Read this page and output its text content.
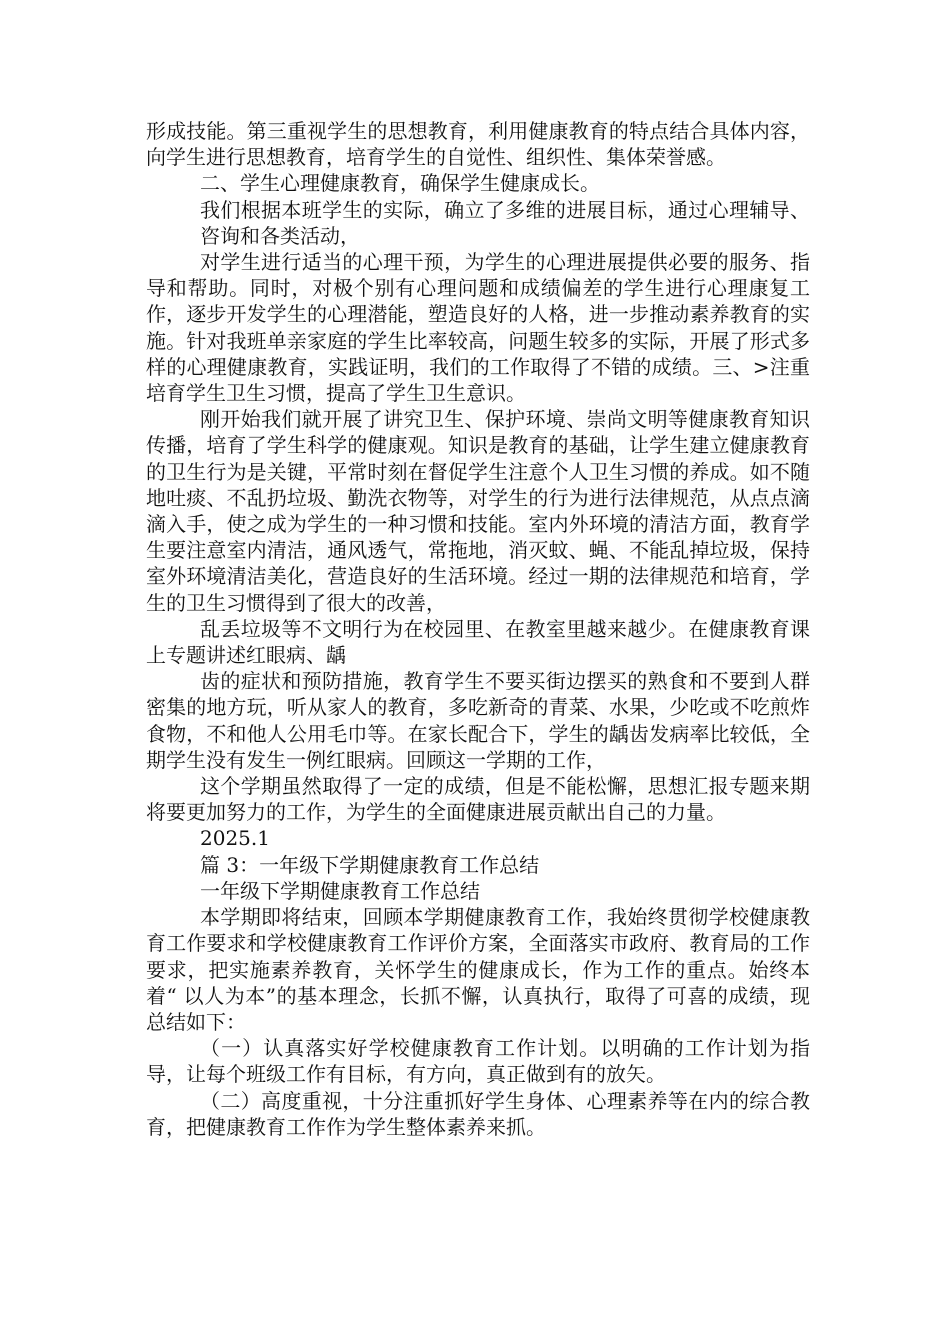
形成技能。第三重视学生的思想教育，利用健康教育的特点结合具体内容，向学生进行思想教育，培育学生的自觉性、组织性、集体荣誉感。

二、学生心理健康教育，确保学生健康成长。

我们根据本班学生的实际，确立了多维的进展目标，通过心理辅导、咨询和各类活动，

对学生进行适当的心理干预，为学生的心理进展提供必要的服务、指导和帮助。同时，对极个别有心理问题和成绩偏差的学生进行心理康复工作，逐步开发学生的心理潜能，塑造良好的人格，进一步推动素养教育的实施。针对我班单亲家庭的学生比率较高，问题生较多的实际，开展了形式多样的心理健康教育，实践证明，我们的工作取得了不错的成绩。三、>注重培育学生卫生习惯，提高了学生卫生意识。

刚开始我们就开展了讲究卫生、保护环境、崇尚文明等健康教育知识传播，培育了学生科学的健康观。知识是教育的基础，让学生建立健康教育的卫生行为是关键，平常时刻在督促学生注意个人卫生习惯的养成。如不随地吐痰、不乱扔垃圾、勤洗衣物等，对学生的行为进行法律规范，从点点滴滴入手，使之成为学生的一种习惯和技能。室内外环境的清洁方面，教育学生要注意室内清洁，通风透气，常拖地，消灭蚊、蝇、不能乱掉垃圾，保持室外环境清洁美化，营造良好的生活环境。经过一期的法律规范和培育，学生的卫生习惯得到了很大的改善，

乱丢垃圾等不文明行为在校园里、在教室里越来越少。在健康教育课上专题讲述红眼病、龋

齿的症状和预防措施，教育学生不要买街边摆买的熟食和不要到人群密集的地方玩，听从家人的教育，多吃新奇的青菜、水果，少吃或不吃煎炸食物，不和他人公用毛巾等。在家长配合下，学生的龋齿发病率比较低，全期学生没有发生一例红眼病。回顾这一学期的工作，

这个学期虽然取得了一定的成绩，但是不能松懈，思想汇报专题来期将要更加努力的工作，为学生的全面健康进展贡献出自己的力量。

2025.1

篇 3：一年级下学期健康教育工作总结

一年级下学期健康教育工作总结

本学期即将结束，回顾本学期健康教育工作，我始终贯彻学校健康教育工作要求和学校健康教育工作评价方案，全面落实市政府、教育局的工作要求，把实施素养教育，关怀学生的健康成长，作为工作的重点。始终本着“ 以人为本”的基本理念，长抓不懈，认真执行，取得了可喜的成绩，现总结如下：

（一）认真落实好学校健康教育工作计划。以明确的工作计划为指导，让每个班级工作有目标，有方向，真正做到有的放矢。

（二）高度重视，十分注重抓好学生身体、心理素养等在内的综合教育，把健康教育工作作为学生整体素养来抓。
